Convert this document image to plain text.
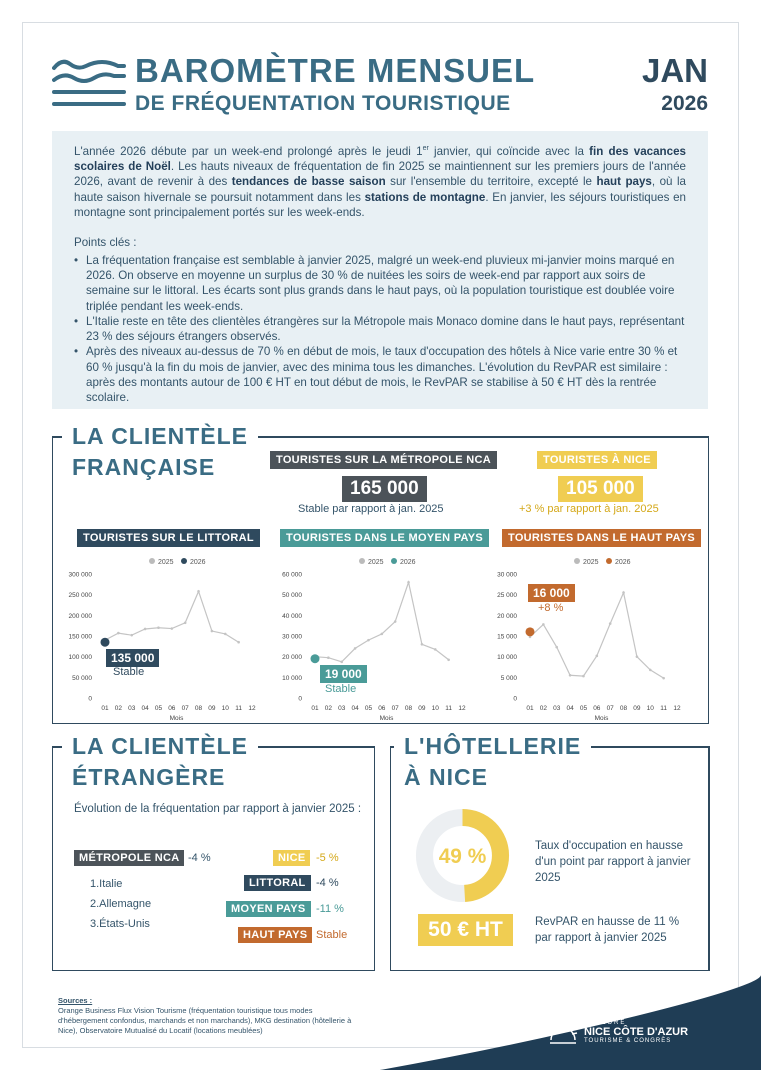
BAROMÈTRE MENSUEL
DE FRÉQUENTATION TOURISTIQUE
JAN
2026

L'année 2026 débute par un week-end prolongé après le jeudi 1er janvier, qui coïncide avec la fin des vacances scolaires de Noël. Les hauts niveaux de fréquentation de fin 2025 se maintiennent sur les premiers jours de l'année 2026, avant de revenir à des tendances de basse saison sur l'ensemble du territoire, excepté le haut pays, où la haute saison hivernale se poursuit notamment dans les stations de montagne. En janvier, les séjours touristiques en montagne sont principalement portés sur les week-ends.

Points clés :
• La fréquentation française est semblable à janvier 2025, malgré un week-end pluvieux mi-janvier moins marqué en 2026. On observe en moyenne un surplus de 30 % de nuitées les soirs de week-end par rapport aux soirs de semaine sur le littoral. Les écarts sont plus grands dans le haut pays, où la population touristique est doublée voire triplée pendant les week-ends.
• L'Italie reste en tête des clientèles étrangères sur la Métropole mais Monaco domine dans le haut pays, représentant 23 % des séjours étrangers observés.
• Après des niveaux au-dessus de 70 % en début de mois, le taux d'occupation des hôtels à Nice varie entre 30 % et 60 % jusqu'à la fin du mois de janvier, avec des minima tous les dimanches. L'évolution du RevPAR est similaire : après des montants autour de 100 € HT en tout début de mois, le RevPAR se stabilise à 50 € HT dès la rentrée scolaire.
LA CLIENTÈLE
FRANÇAISE	TOURISTES SUR LA MÉTROPOLE NCA
165 000
Stable par rapport à jan. 2025
TOURISTES À NICE
105 000
+3 % par rapport à jan. 2025
TOURISTES SUR LE LITTORAL	TOURISTES DANS LE MOYEN PAYS	TOURISTES DANS LE HAUT PAYS
2025 2026
0
50 000
100 000
150 000
200 000
250 000
300 000
01 02 03 04 05 06 07 08 09 10 11 12
Mois
2025 2026
0
10 000
20 000
30 000
40 000
50 000
60 000
01 02 03 04 05 06 07 08 09 10 11 12
Mois
2025 2026
0
5 000
10 000
15 000
20 000
25 000
30 000
01 02 03 04 05 06 07 08 09 10 11 12
Mois
135 000
Stable	19 000
Stable
16 000
+8 %
LA CLIENTÈLE
ÉTRANGÈRE
Évolution de la fréquentation par rapport à janvier 2025 :
MÉTROPOLE NCA -4 %
1.Italie
2.Allemagne
3.États-Unis
NICE -5 %
LITTORAL -4 %
MOYEN PAYS -11 %
HAUT PAYS Stable
L'HÔTELLERIE
À NICE
49 %	Taux d'occupation en hausse d'un point par rapport à janvier 2025
50 € HT	RevPAR en hausse de 11 % par rapport à janvier 2025
Sources :
Orange Business Flux Vision Tourisme (fréquentation touristique tous modes d'hébergement confondus, marchands et non marchands), MKG destination (hôtellerie à Nice), Observatoire Mutualisé du Locatif (locations meublées)
EXPLORE
NICE CÔTE D'AZUR
TOURISME & CONGRÈS
